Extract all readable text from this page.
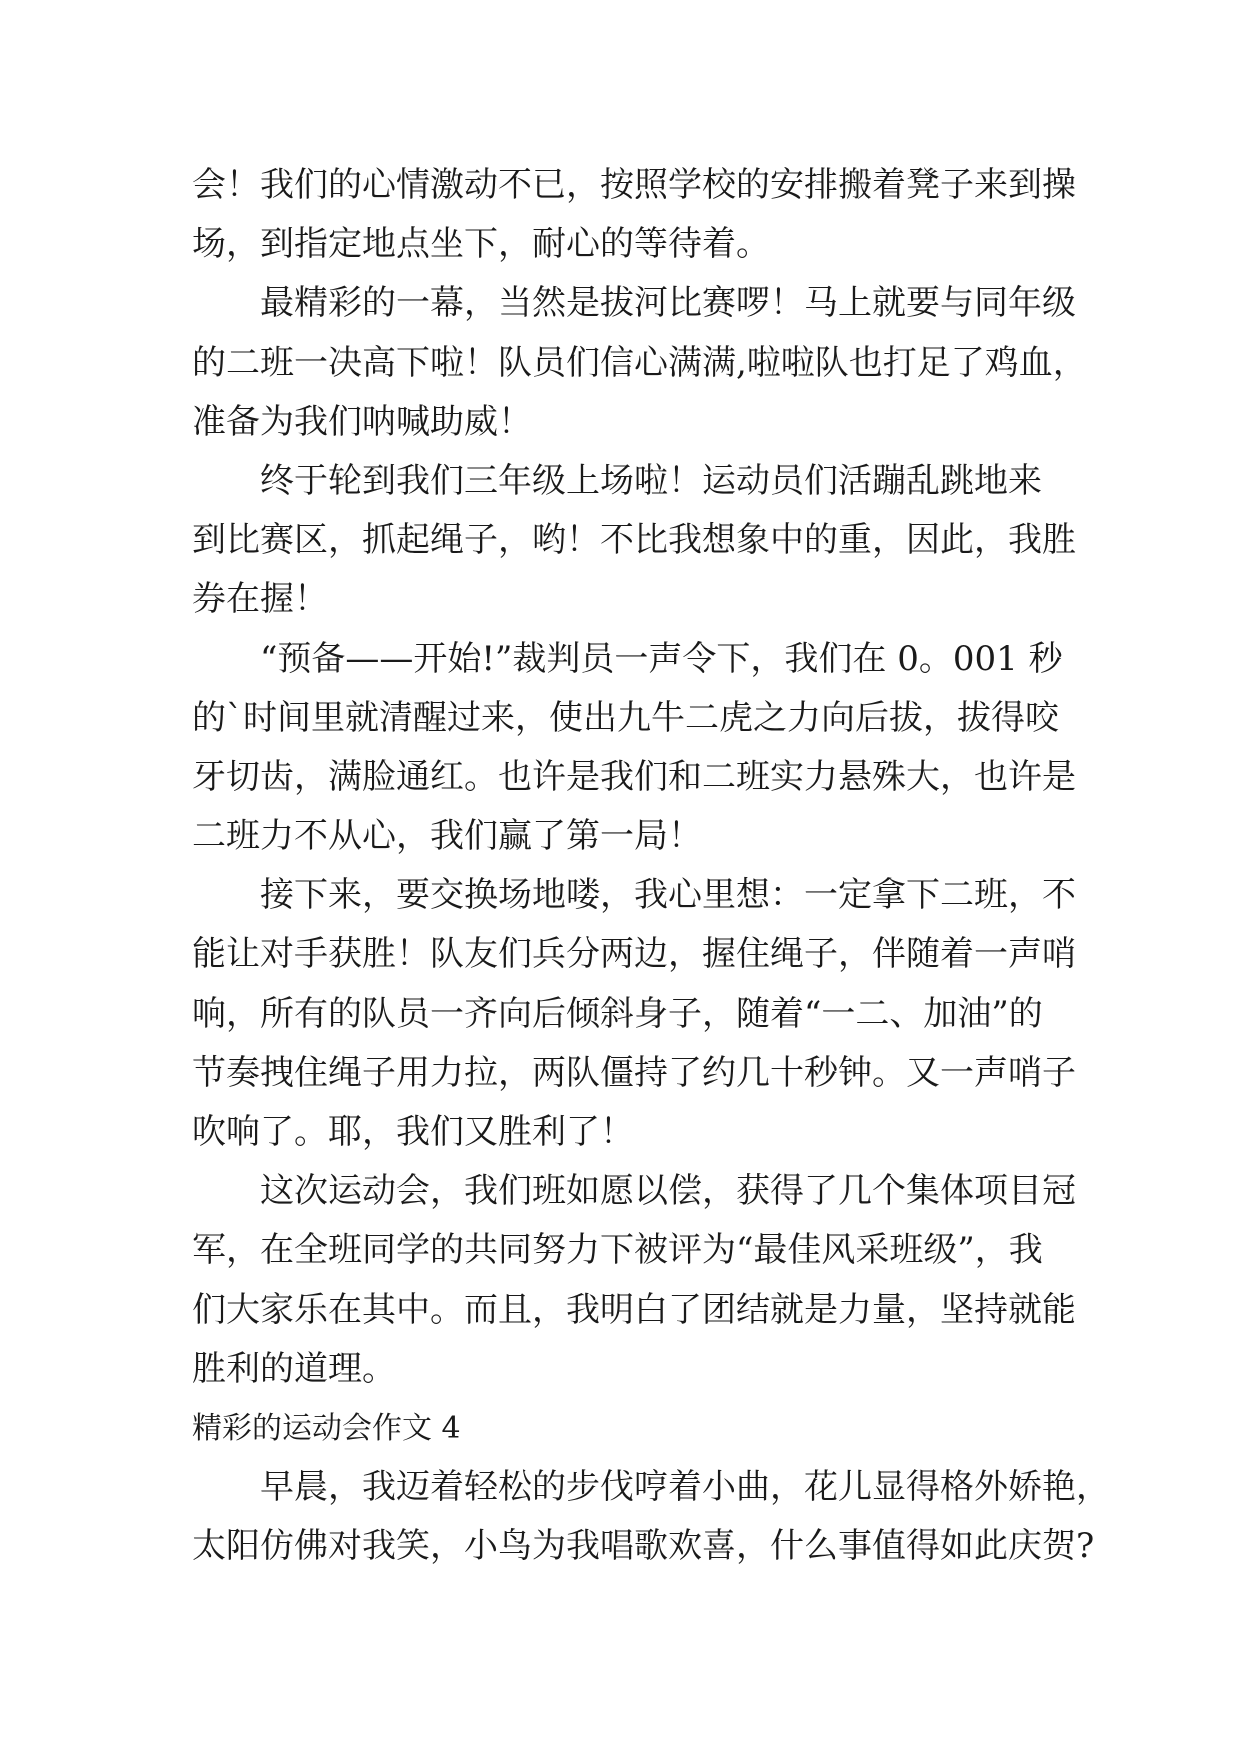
会！我们的心情激动不已，按照学校的安排搬着凳子来到操
场，到指定地点坐下，耐心的等待着。
最精彩的一幕，当然是拔河比赛啰！马上就要与同年级
的二班一决高下啦！队员们信心满满,啦啦队也打足了鸡血，
准备为我们呐喊助威！
终于轮到我们三年级上场啦！运动员们活蹦乱跳地来
到比赛区，抓起绳子，哟！不比我想象中的重，因此，我胜
券在握！
“预备——开始!”裁判员一声令下，我们在 0。001 秒
的`时间里就清醒过来，使出九牛二虎之力向后拔，拔得咬
牙切齿，满脸通红。也许是我们和二班实力悬殊大，也许是
二班力不从心，我们赢了第一局！
接下来，要交换场地喽，我心里想：一定拿下二班，不
能让对手获胜！队友们兵分两边，握住绳子，伴随着一声哨
响，所有的队员一齐向后倾斜身子，随着“一二、加油”的
节奏拽住绳子用力拉，两队僵持了约几十秒钟。又一声哨子
吹响了。耶，我们又胜利了！
这次运动会，我们班如愿以偿，获得了几个集体项目冠
军，在全班同学的共同努力下被评为“最佳风采班级”，我
们大家乐在其中。而且，我明白了团结就是力量，坚持就能
胜利的道理。
精彩的运动会作文 4
早晨，我迈着轻松的步伐哼着小曲，花儿显得格外娇艳，
太阳仿佛对我笑，小鸟为我唱歌欢喜，什么事值得如此庆贺?
